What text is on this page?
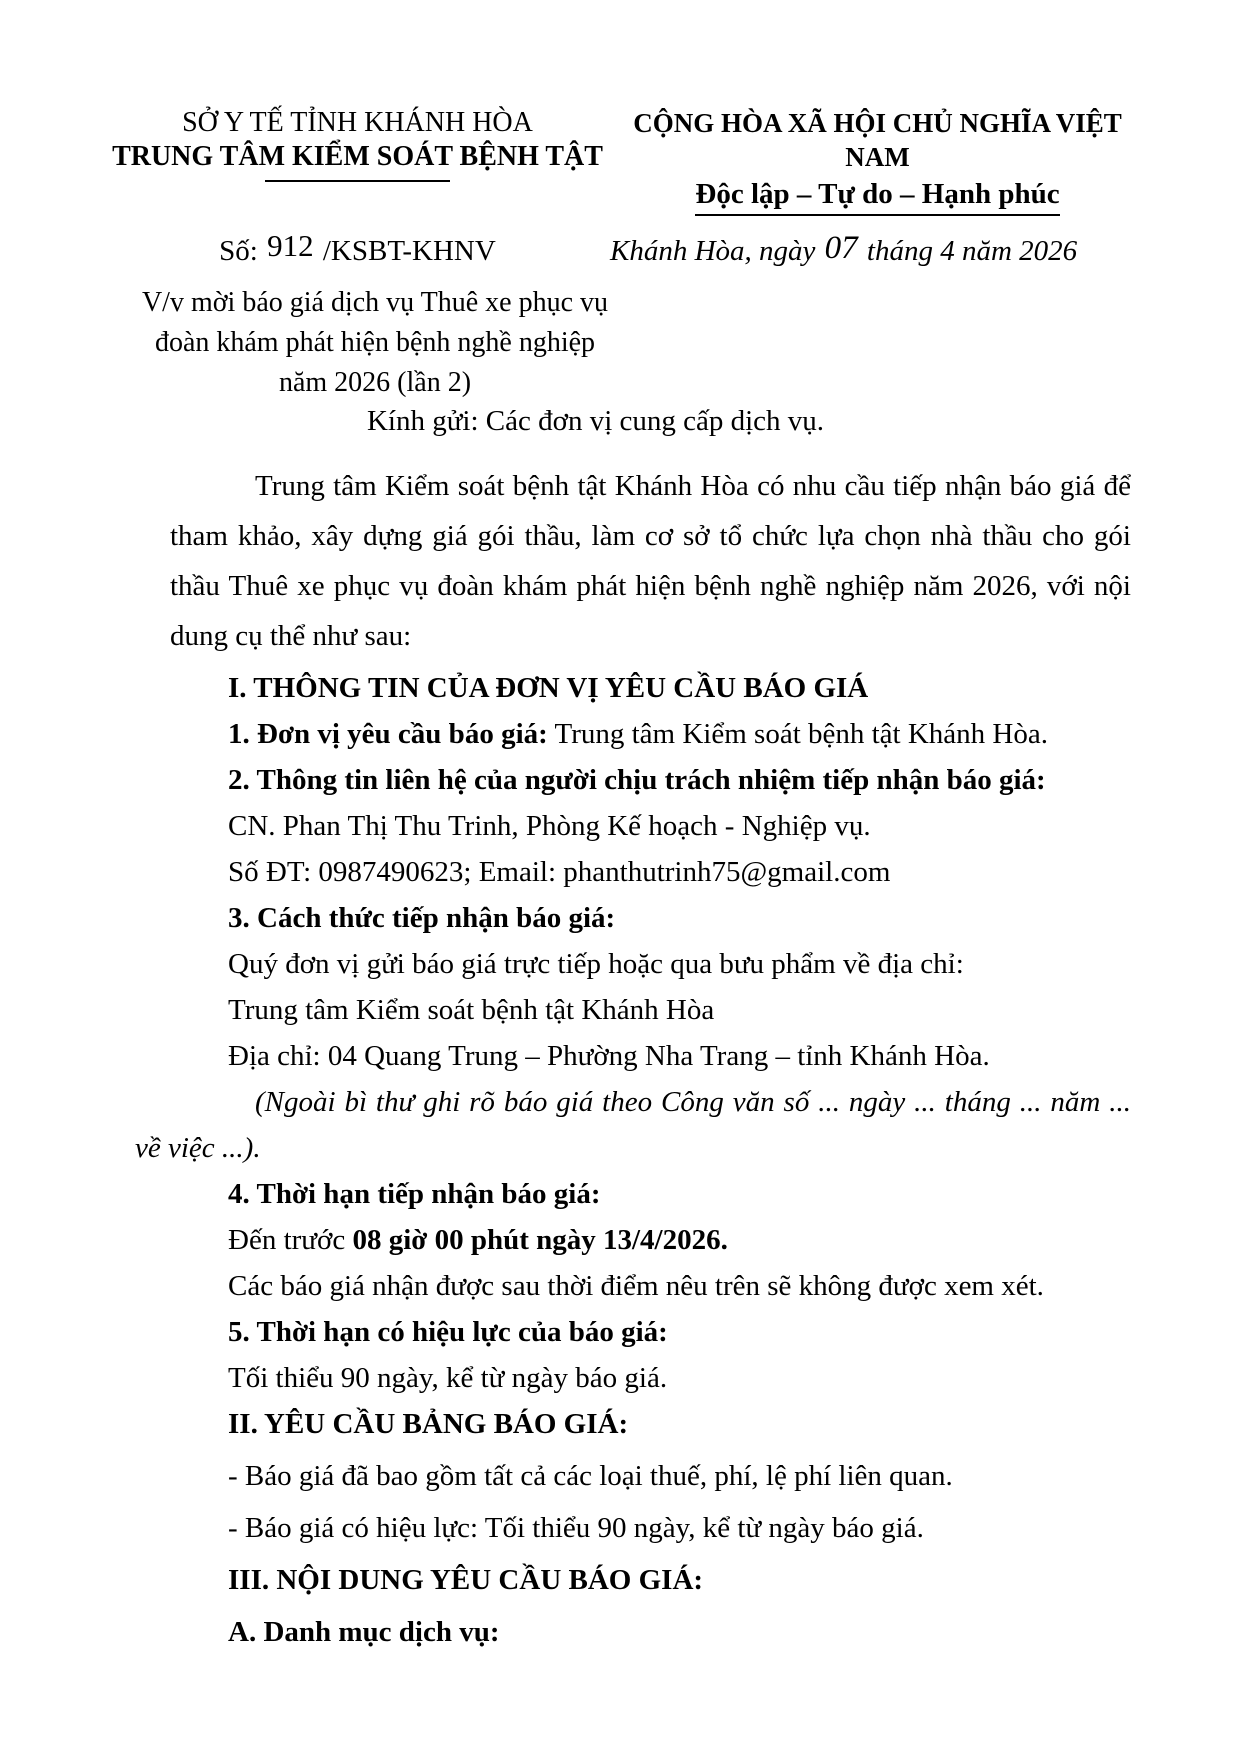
SỞ Y TẾ TỈNH KHÁNH HÒA
TRUNG TÂM KIỂM SOÁT BỆNH TẬT
CỘNG HÒA XÃ HỘI CHỦ NGHĨA VIỆT NAM
Độc lập – Tự do – Hạnh phúc
Số: 912 /KSBT-KHNV	Khánh Hòa, ngày 07 tháng 4 năm 2026
V/v mời báo giá dịch vụ Thuê xe phục vụ
đoàn khám phát hiện bệnh nghề nghiệp
năm 2026 (lần 2)
Kính gửi: Các đơn vị cung cấp dịch vụ.

Trung tâm Kiểm soát bệnh tật Khánh Hòa có nhu cầu tiếp nhận báo giá để tham khảo, xây dựng giá gói thầu, làm cơ sở tổ chức lựa chọn nhà thầu cho gói thầu Thuê xe phục vụ đoàn khám phát hiện bệnh nghề nghiệp năm 2026, với nội dung cụ thể như sau:

I. THÔNG TIN CỦA ĐƠN VỊ YÊU CẦU BÁO GIÁ
1. Đơn vị yêu cầu báo giá: Trung tâm Kiểm soát bệnh tật Khánh Hòa.
2. Thông tin liên hệ của người chịu trách nhiệm tiếp nhận báo giá:
CN. Phan Thị Thu Trinh, Phòng Kế hoạch - Nghiệp vụ.
Số ĐT: 0987490623; Email: phanthutrinh75@gmail.com
3. Cách thức tiếp nhận báo giá:
Quý đơn vị gửi báo giá trực tiếp hoặc qua bưu phẩm về địa chỉ:
Trung tâm Kiểm soát bệnh tật Khánh Hòa
Địa chỉ: 04 Quang Trung – Phường Nha Trang – tỉnh Khánh Hòa.

(Ngoài bì thư ghi rõ báo giá theo Công văn số ... ngày ... tháng ... năm ... về việc ...).

4. Thời hạn tiếp nhận báo giá:
Đến trước 08 giờ 00 phút ngày 13/4/2026.
Các báo giá nhận được sau thời điểm nêu trên sẽ không được xem xét.
5. Thời hạn có hiệu lực của báo giá:
Tối thiểu 90 ngày, kể từ ngày báo giá.
II. YÊU CẦU BẢNG BÁO GIÁ:
- Báo giá đã bao gồm tất cả các loại thuế, phí, lệ phí liên quan.
- Báo giá có hiệu lực: Tối thiểu 90 ngày, kể từ ngày báo giá.
III. NỘI DUNG YÊU CẦU BÁO GIÁ:
A. Danh mục dịch vụ:
